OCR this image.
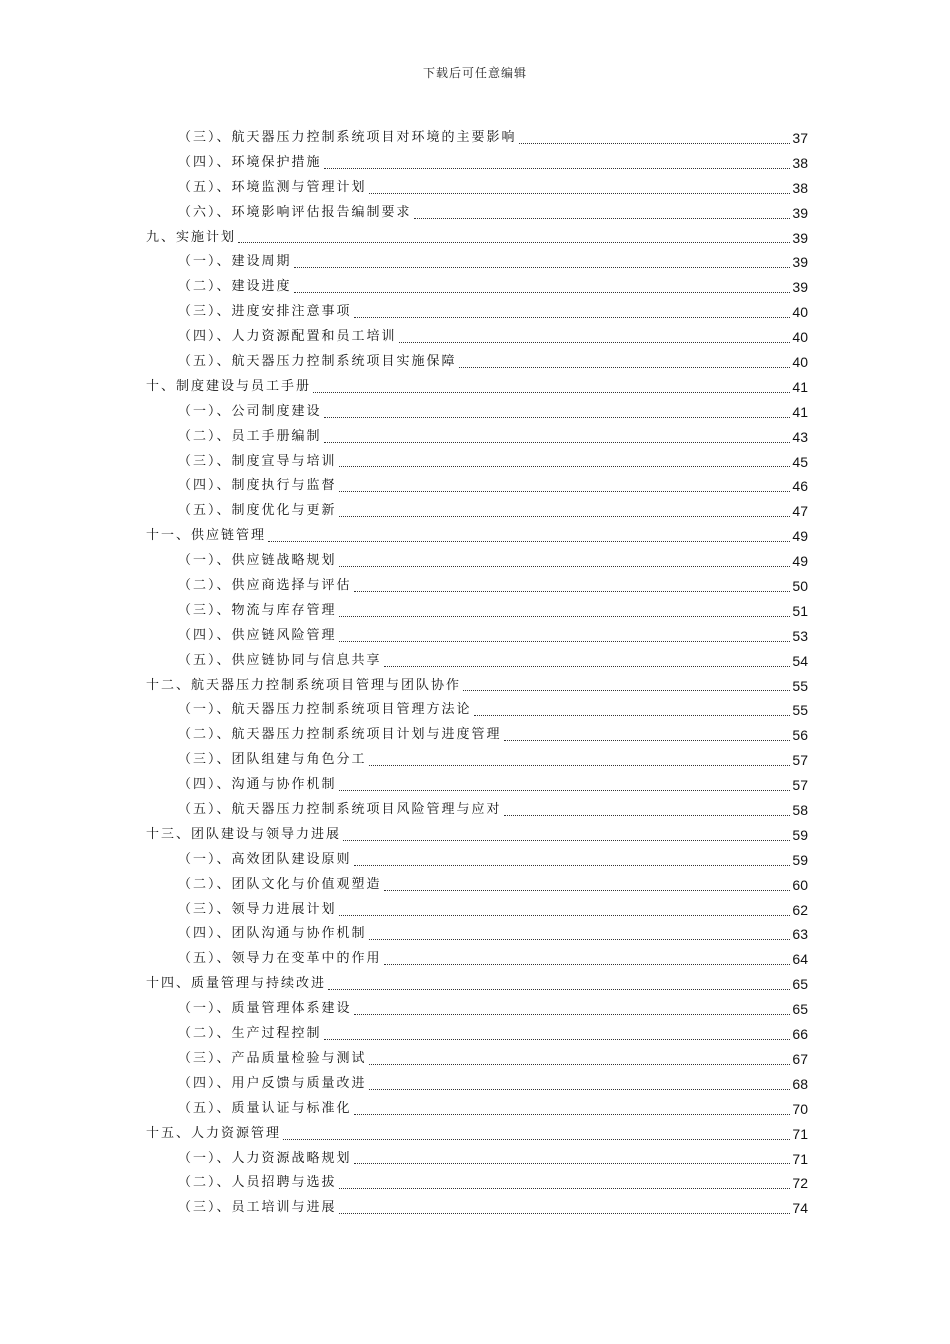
下载后可任意编辑
（三）、航天器压力控制系统项目对环境的主要影响	37
（四）、环境保护措施	38
（五）、环境监测与管理计划	38
（六）、环境影响评估报告编制要求	39
九、实施计划	39
（一）、建设周期	39
（二）、建设进度	39
（三）、进度安排注意事项	40
（四）、人力资源配置和员工培训	40
（五）、航天器压力控制系统项目实施保障	40
十、制度建设与员工手册	41
（一）、公司制度建设	41
（二）、员工手册编制	43
（三）、制度宣导与培训	45
（四）、制度执行与监督	46
（五）、制度优化与更新	47
十一、供应链管理	49
（一）、供应链战略规划	49
（二）、供应商选择与评估	50
（三）、物流与库存管理	51
（四）、供应链风险管理	53
（五）、供应链协同与信息共享	54
十二、航天器压力控制系统项目管理与团队协作	55
（一）、航天器压力控制系统项目管理方法论	55
（二）、航天器压力控制系统项目计划与进度管理	56
（三）、团队组建与角色分工	57
（四）、沟通与协作机制	57
（五）、航天器压力控制系统项目风险管理与应对	58
十三、团队建设与领导力进展	59
（一）、高效团队建设原则	59
（二）、团队文化与价值观塑造	60
（三）、领导力进展计划	62
（四）、团队沟通与协作机制	63
（五）、领导力在变革中的作用	64
十四、质量管理与持续改进	65
（一）、质量管理体系建设	65
（二）、生产过程控制	66
（三）、产品质量检验与测试	67
（四）、用户反馈与质量改进	68
（五）、质量认证与标准化	70
十五、人力资源管理	71
（一）、人力资源战略规划	71
（二）、人员招聘与选拔	72
（三）、员工培训与进展	74
